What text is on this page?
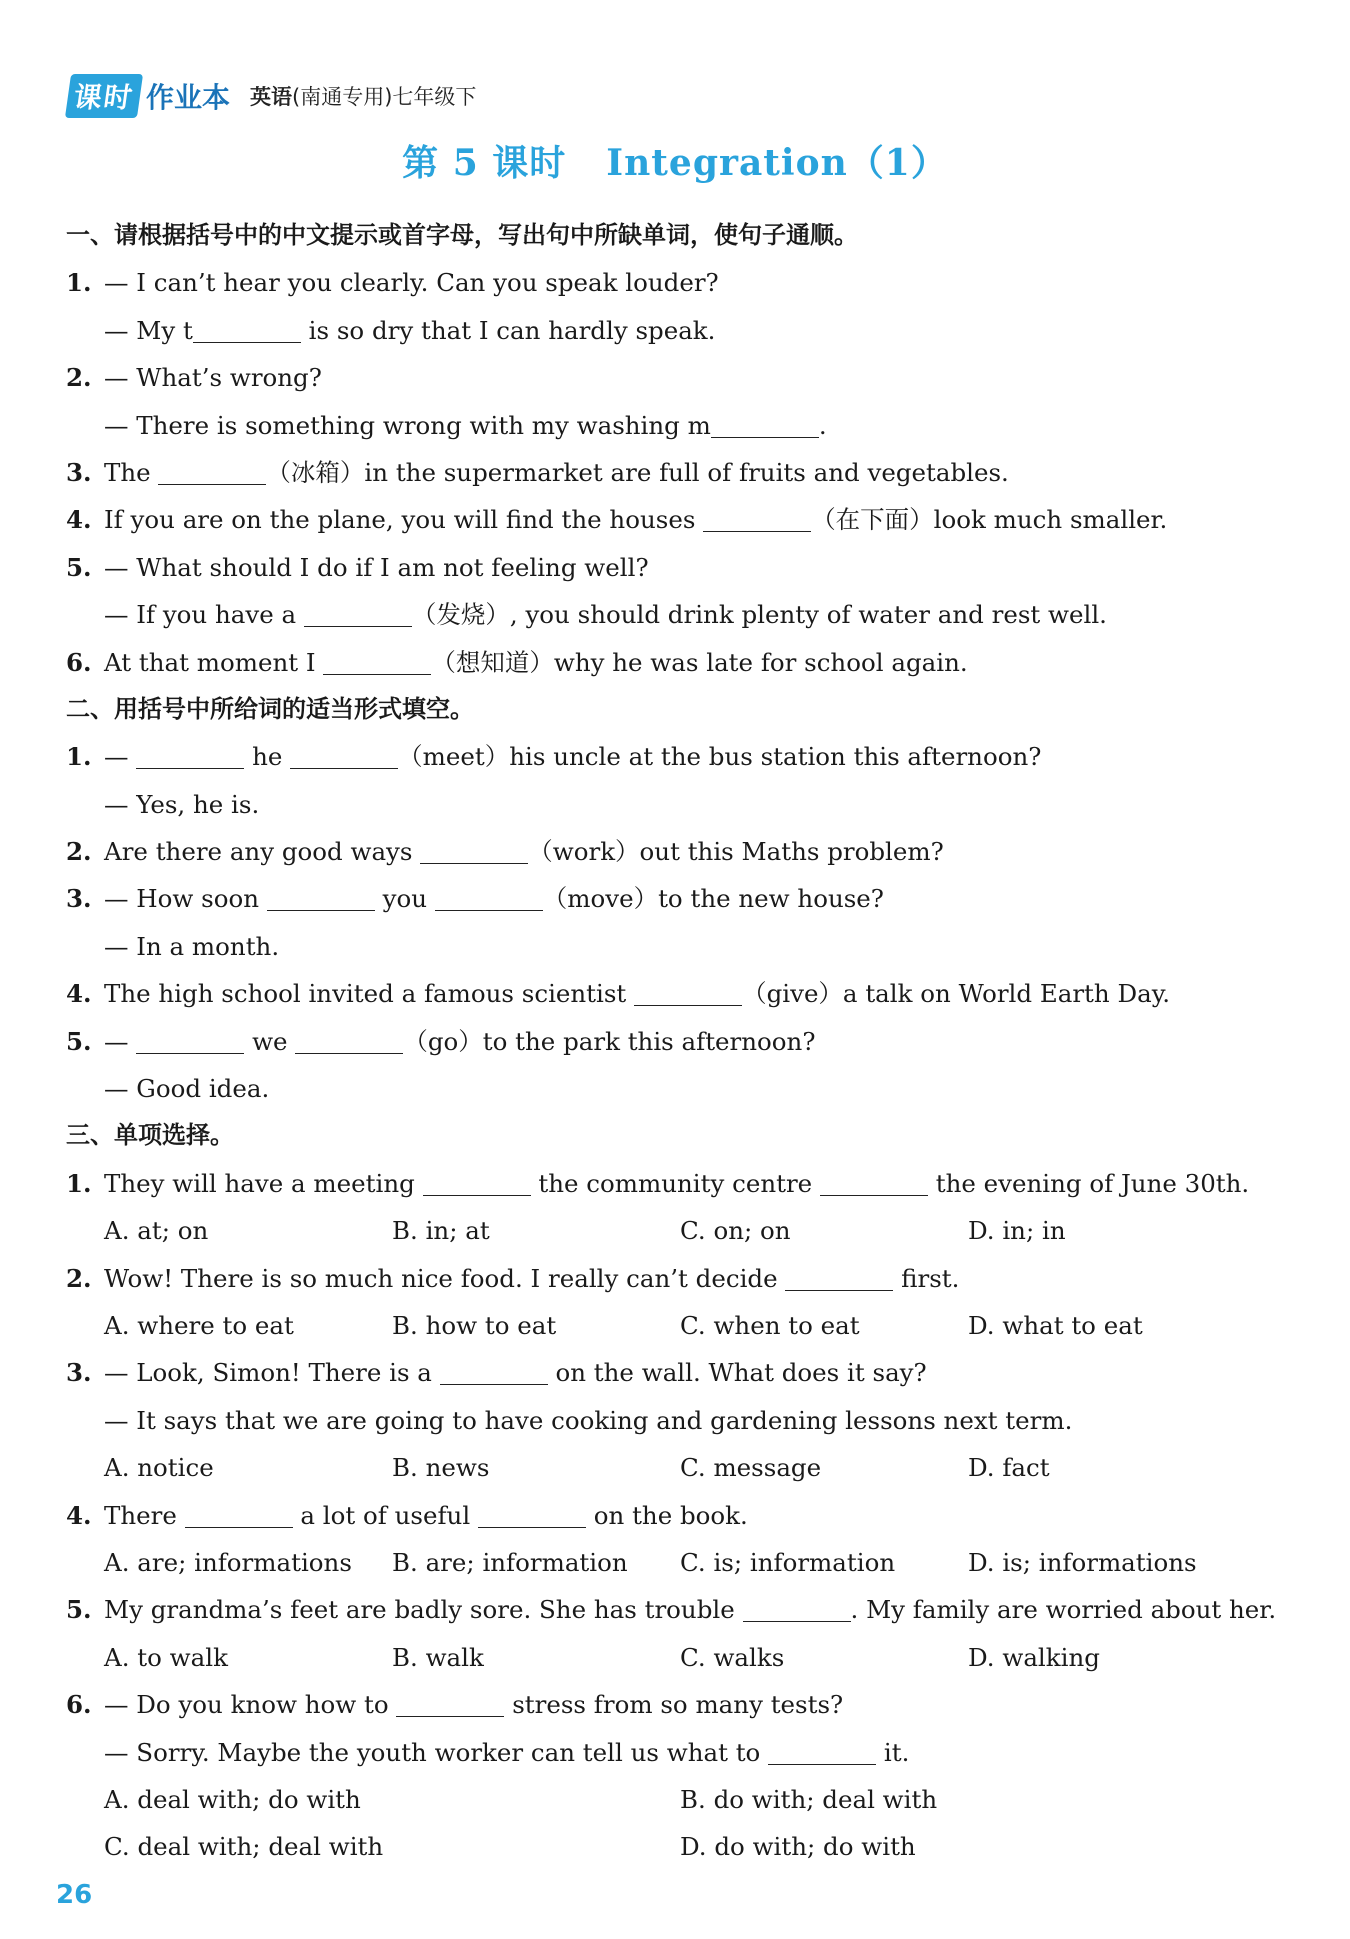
课时 作业本 英语(南通专用)七年级下
第 5 课时 Integration（1）
一、请根据括号中的中文提示或首字母，写出句中所缺单词，使句子通顺。
1. — I can’t hear you clearly. Can you speak louder?
— My t	is so dry that I can hardly speak.
2. — What’s wrong?
— There is something wrong with my washing m	.
3. The	（冰箱）in the supermarket are full of fruits and vegetables.
4. If you are on the plane, you will find the houses	（在下面）look much smaller.
5. — What should I do if I am not feeling well?
— If you have a	（发烧）, you should drink plenty of water and rest well.
6. At that moment I	（想知道）why he was late for school again.
二、用括号中所给词的适当形式填空。
1. —	he	（meet）his uncle at the bus station this afternoon?
— Yes, he is.
2. Are there any good ways	（work）out this Maths problem?
3. — How soon	you	（move）to the new house?
— In a month.
4. The high school invited a famous scientist	（give）a talk on World Earth Day.
5. —	we	（go）to the park this afternoon?
— Good idea.
三、单项选择。
1. They will have a meeting	the community centre	the evening of June 30th.
A. at; on	B. in; at	C. on; on	D. in; in
2. Wow! There is so much nice food. I really can’t decide	first.
A. where to eat	B. how to eat	C. when to eat	D. what to eat
3. — Look, Simon! There is a	on the wall. What does it say?
— It says that we are going to have cooking and gardening lessons next term.
A. notice	B. news	C. message	D. fact
4. There	a lot of useful	on the book.
A. are; informations B. are; information C. is; information	D. is; informations
5. My grandma’s feet are badly sore. She has trouble	. My family are worried about her.
A. to walk	B. walk	C. walks	D. walking
6. — Do you know how to	stress from so many tests?
— Sorry. Maybe the youth worker can tell us what to	it.
A. deal with; do with	B. do with; deal with
C. deal with; deal with	D. do with; do with
26
